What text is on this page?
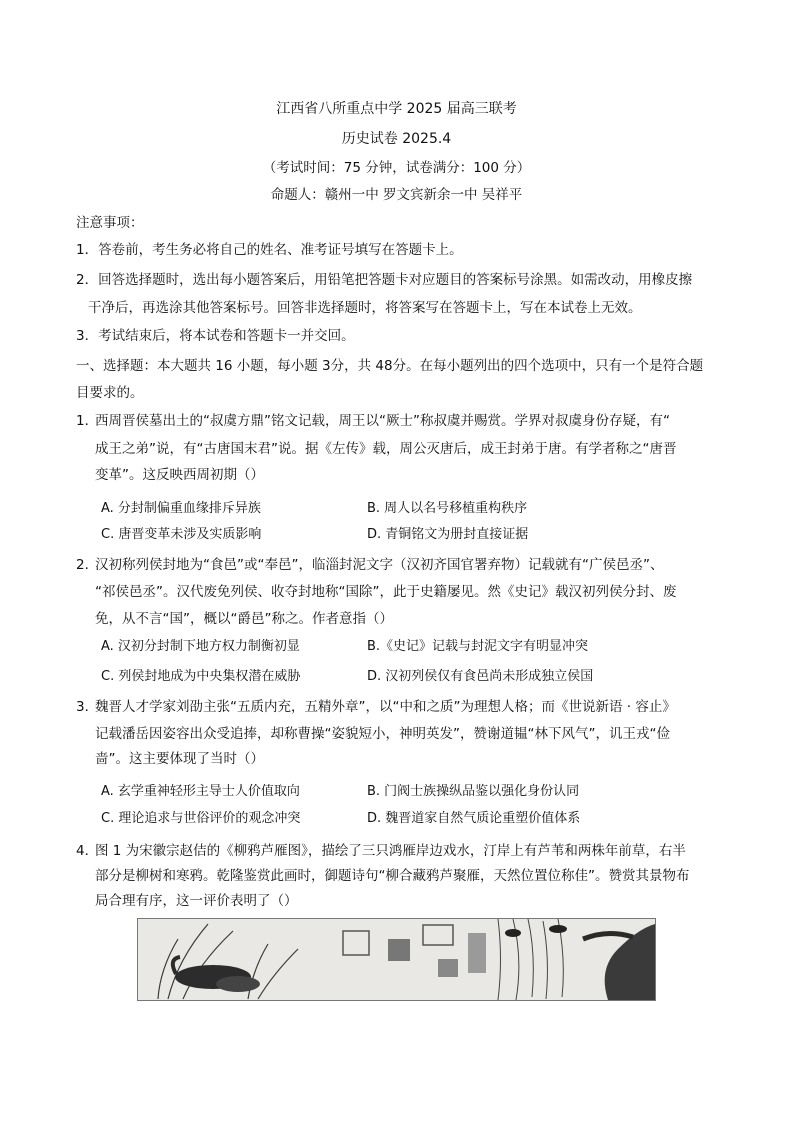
江西省八所重点中学 2025 届高三联考
历史试卷 2025.4
（考试时间：75 分钟，试卷满分：100 分）
命题人：赣州一中 罗文宾新余一中 吴祥平
注意事项：
1．答卷前，考生务必将自己的姓名、准考证号填写在答题卡上。
2．回答选择题时，选出每小题答案后，用铅笔把答题卡对应题目的答案标号涂黑。如需改动，用橡皮擦
干净后，再选涂其他答案标号。回答非选择题时，将答案写在答题卡上，写在本试卷上无效。
3．考试结束后，将本试卷和答题卡一并交回。
一、选择题：本大题共 16 小题，每小题 3分，共 48分。在每小题列出的四个选项中，只有一个是符合题
目要求的。
1．
西周晋侯墓出土的“叔虞方鼎”铭文记载，周王以“厥士”称叔虞并赐赏。学界对叔虞身份存疑，有“
成王之弟”说，有“古唐国末君”说。据《左传》载，周公灭唐后，成王封弟于唐。有学者称之“唐晋
变革”。这反映西周初期（）
A. 分封制偏重血缘排斥异族	B. 周人以名号移植重构秩序
C. 唐晋变革未涉及实质影响	D. 青铜铭文为册封直接证据
2．
汉初称列侯封地为“食邑”或“奉邑”，临淄封泥文字（汉初齐国官署弃物）记载就有“广侯邑丞”、
“祁侯邑丞”。汉代废免列侯、收夺封地称“国除”，此于史籍屡见。然《史记》载汉初列侯分封、废
免，从不言“国”，概以“爵邑”称之。作者意指（）
A. 汉初分封制下地方权力制衡初显	B.《史记》记载与封泥文字有明显冲突
C. 列侯封地成为中央集权潜在威胁	D. 汉初列侯仅有食邑尚未形成独立侯国
3．
魏晋人才学家刘劭主张“五质内充，五精外章”，以“中和之质”为理想人格；而《世说新语 · 容止》
记载潘岳因姿容出众受追捧，却称曹操“姿貌短小，神明英发”，赞谢道韫“林下风气”，讥王戎“俭
啬”。这主要体现了当时（）
A. 玄学重神轻形主导士人价值取向	B. 门阀士族操纵品鉴以强化身份认同
C. 理论追求与世俗评价的观念冲突	D. 魏晋道家自然气质论重塑价值体系
4．
图 1 为宋徽宗赵佶的《柳鸦芦雁图》，描绘了三只鸿雁岸边戏水，汀岸上有芦苇和两株年前草，右半
部分是柳树和寒鸦。乾隆鉴赏此画时，御题诗句“柳合藏鸦芦聚雁，天然位置位称佳”。赞赏其景物布
局合理有序，这一评价表明了（）
